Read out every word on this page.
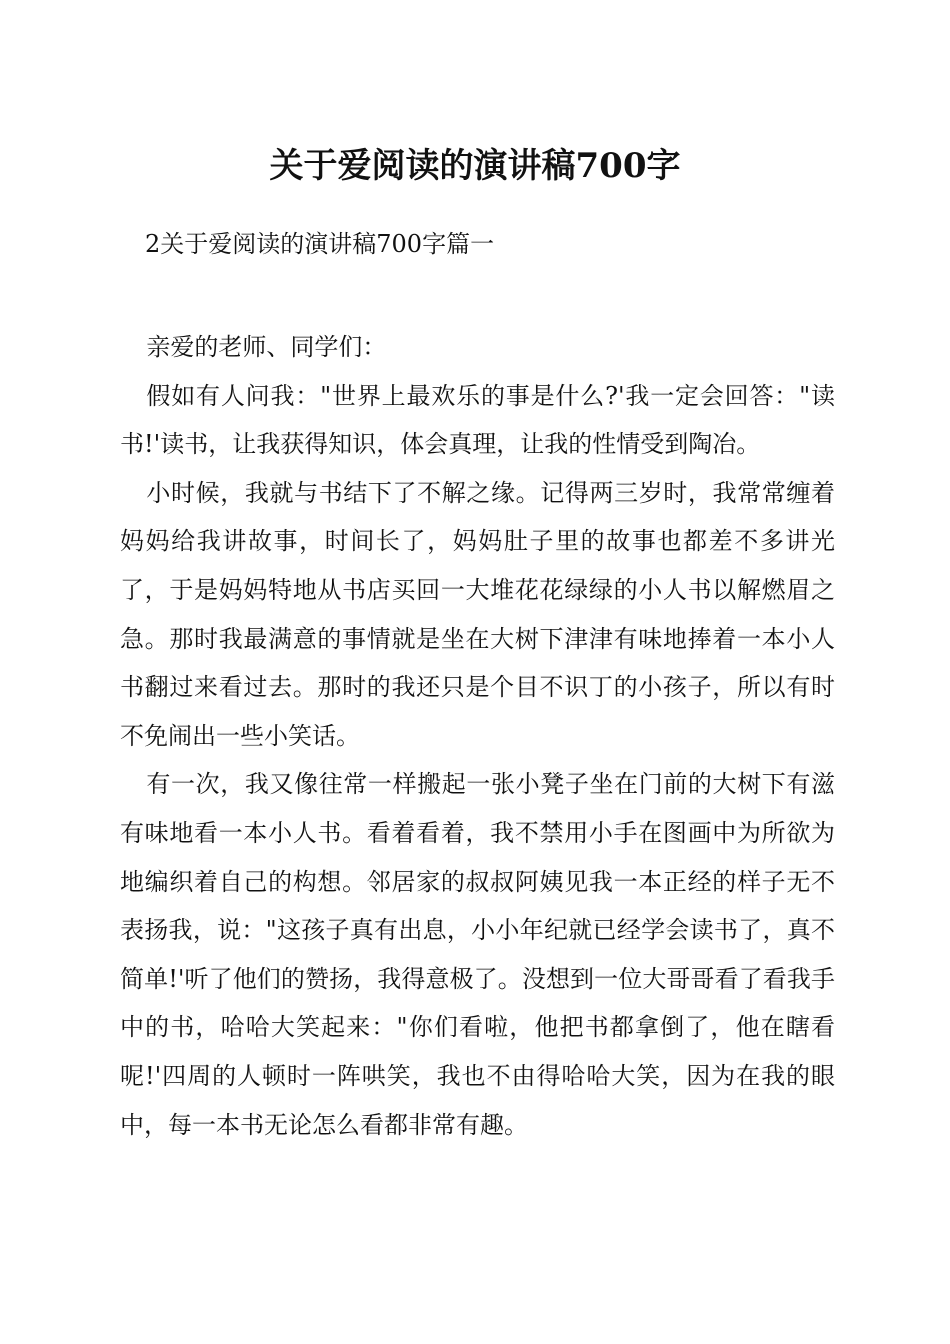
关于爱阅读的演讲稿700字

2关于爱阅读的演讲稿700字篇一

亲爱的老师、同学们：

假如有人问我："世界上最欢乐的事是什么?'我一定会回答："读书!'读书，让我获得知识，体会真理，让我的性情受到陶冶。

小时候，我就与书结下了不解之缘。记得两三岁时，我常常缠着妈妈给我讲故事，时间长了，妈妈肚子里的故事也都差不多讲光了，于是妈妈特地从书店买回一大堆花花绿绿的小人书以解燃眉之急。那时我最满意的事情就是坐在大树下津津有味地捧着一本小人书翻过来看过去。那时的我还只是个目不识丁的小孩子，所以有时不免闹出一些小笑话。

有一次，我又像往常一样搬起一张小凳子坐在门前的大树下有滋有味地看一本小人书。看着看着，我不禁用小手在图画中为所欲为地编织着自己的构想。邻居家的叔叔阿姨见我一本正经的样子无不表扬我，说："这孩子真有出息，小小年纪就已经学会读书了，真不简单!'听了他们的赞扬，我得意极了。没想到一位大哥哥看了看我手中的书，哈哈大笑起来："你们看啦，他把书都拿倒了，他在瞎看呢!'四周的人顿时一阵哄笑，我也不由得哈哈大笑，因为在我的眼中，每一本书无论怎么看都非常有趣。
